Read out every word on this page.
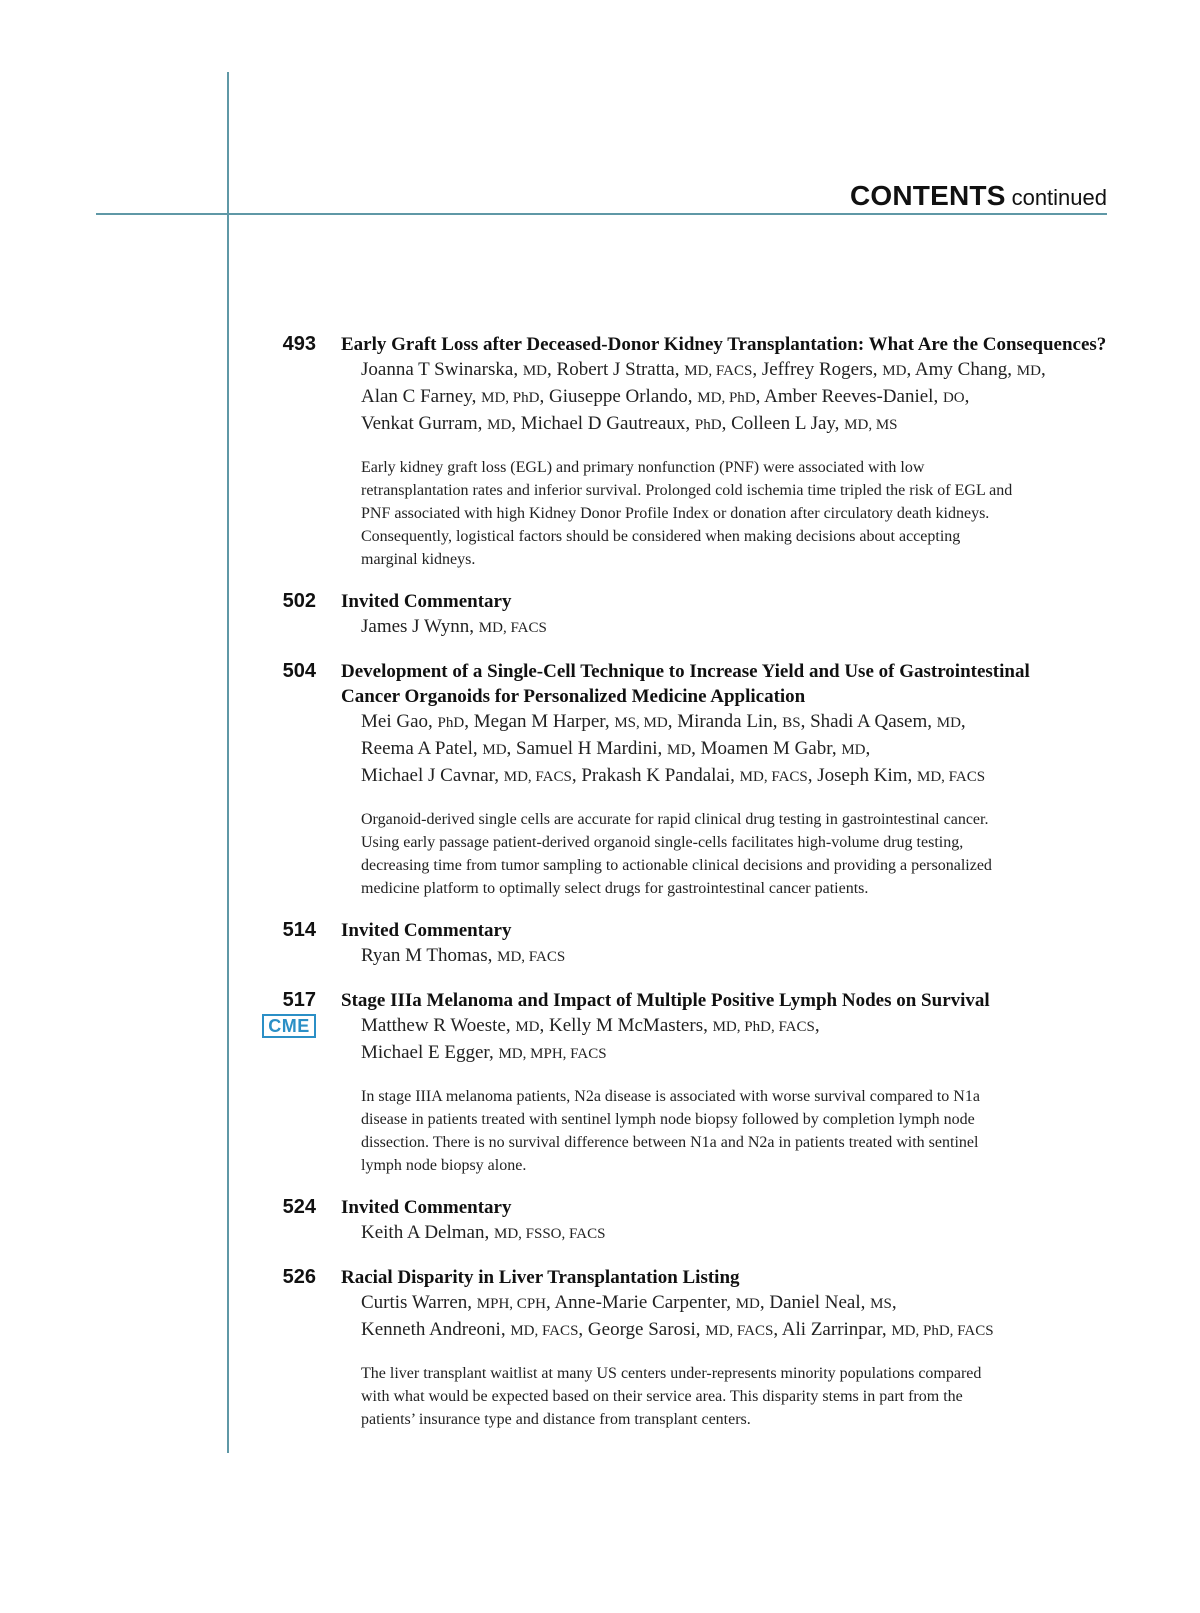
CONTENTS continued
493 Early Graft Loss after Deceased-Donor Kidney Transplantation: What Are the Consequences?
Joanna T Swinarska, MD, Robert J Stratta, MD, FACS, Jeffrey Rogers, MD, Amy Chang, MD,
Alan C Farney, MD, PhD, Giuseppe Orlando, MD, PhD, Amber Reeves-Daniel, DO,
Venkat Gurram, MD, Michael D Gautreaux, PhD, Colleen L Jay, MD, MS
Early kidney graft loss (EGL) and primary nonfunction (PNF) were associated with low
retransplantation rates and inferior survival. Prolonged cold ischemia time tripled the risk of EGL and
PNF associated with high Kidney Donor Profile Index or donation after circulatory death kidneys.
Consequently, logistical factors should be considered when making decisions about accepting
marginal kidneys.
502 Invited Commentary
James J Wynn, MD, FACS
504 Development of a Single-Cell Technique to Increase Yield and Use of Gastrointestinal
Cancer Organoids for Personalized Medicine Application
Mei Gao, PhD, Megan M Harper, MS, MD, Miranda Lin, BS, Shadi A Qasem, MD,
Reema A Patel, MD, Samuel H Mardini, MD, Moamen M Gabr, MD,
Michael J Cavnar, MD, FACS, Prakash K Pandalai, MD, FACS, Joseph Kim, MD, FACS
Organoid-derived single cells are accurate for rapid clinical drug testing in gastrointestinal cancer.
Using early passage patient-derived organoid single-cells facilitates high-volume drug testing,
decreasing time from tumor sampling to actionable clinical decisions and providing a personalized
medicine platform to optimally select drugs for gastrointestinal cancer patients.
514 Invited Commentary
Ryan M Thomas, MD, FACS
517
CME
Stage IIIa Melanoma and Impact of Multiple Positive Lymph Nodes on Survival
Matthew R Woeste, MD, Kelly M McMasters, MD, PhD, FACS,
Michael E Egger, MD, MPH, FACS
In stage IIIA melanoma patients, N2a disease is associated with worse survival compared to N1a
disease in patients treated with sentinel lymph node biopsy followed by completion lymph node
dissection. There is no survival difference between N1a and N2a in patients treated with sentinel
lymph node biopsy alone.
524 Invited Commentary
Keith A Delman, MD, FSSO, FACS
526 Racial Disparity in Liver Transplantation Listing
Curtis Warren, MPH, CPH, Anne-Marie Carpenter, MD, Daniel Neal, MS,
Kenneth Andreoni, MD, FACS, George Sarosi, MD, FACS, Ali Zarrinpar, MD, PhD, FACS
The liver transplant waitlist at many US centers under-represents minority populations compared
with what would be expected based on their service area. This disparity stems in part from the
patients’ insurance type and distance from transplant centers.
